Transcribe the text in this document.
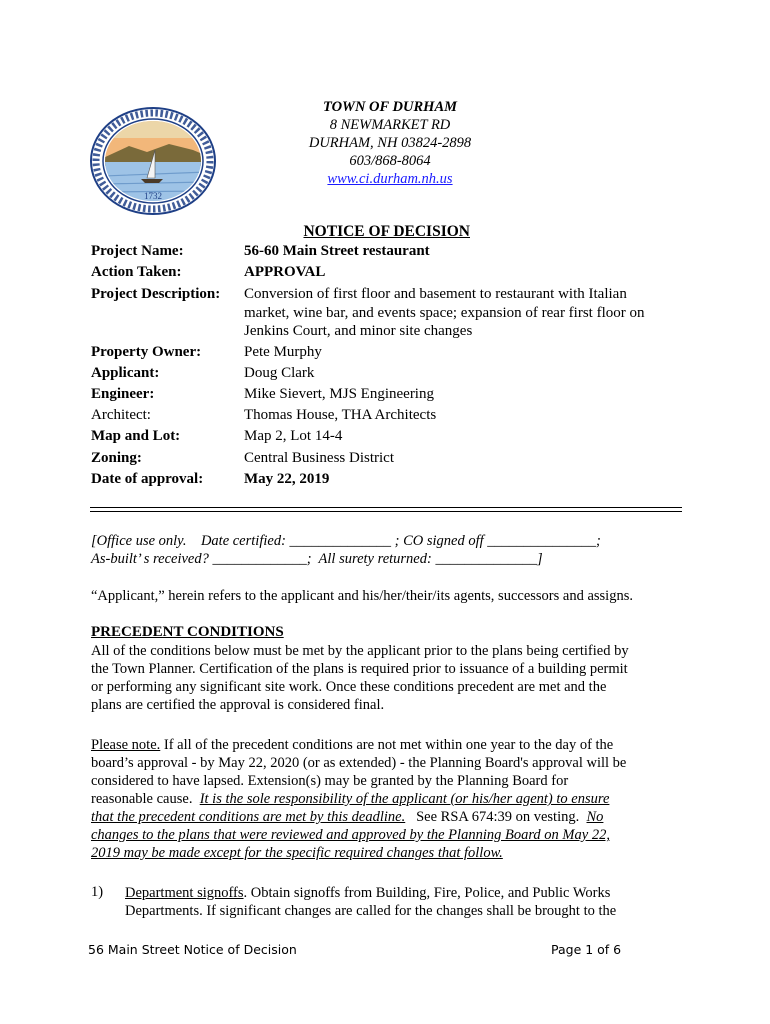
1732
TOWN OF DURHAM
8 NEWMARKET RD
DURHAM, NH 03824-2898
603/868-8064
www.ci.durham.nh.us
NOTICE OF DECISION
Project Name:	56-60 Main Street restaurant
Action Taken:	APPROVAL
Project Description: Conversion of first floor and basement to restaurant with Italian
market, wine bar, and events space; expansion of rear first floor on
Jenkins Court, and minor site changes
Property Owner:	Pete Murphy
Applicant:	Doug Clark
Engineer:	Mike Sievert, MJS Engineering
Architect:	Thomas House, THA Architects
Map and Lot:	Map 2, Lot 14-4
Zoning:	Central Business District
Date of approval:	May 22, 2019
[Office use only.    Date certified: ______________ ; CO signed off _______________;
As-built’ s received? _____________;  All surety returned: ______________]
“Applicant,” herein refers to the applicant and his/her/their/its agents, successors and assigns.
PRECEDENT CONDITIONS
All of the conditions below must be met by the applicant prior to the plans being certified by
the Town Planner. Certification of the plans is required prior to issuance of a building permit
or performing any significant site work. Once these conditions precedent are met and the
plans are certified the approval is considered final.
Please note. If all of the precedent conditions are not met within one year to the day of the
board’s approval - by May 22, 2020 (or as extended) - the Planning Board's approval will be
considered to have lapsed. Extension(s) may be granted by the Planning Board for
reasonable cause.  It is the sole responsibility of the applicant (or his/her agent) to ensure
that the precedent conditions are met by this deadline.   See RSA 674:39 on vesting.  No
changes to the plans that were reviewed and approved by the Planning Board on May 22,
2019 may be made except for the specific required changes that follow.
1) Department signoffs. Obtain signoffs from Building, Fire, Police, and Public Works
Departments. If significant changes are called for the changes shall be brought to the
56 Main Street Notice of Decision	Page 1 of 6
